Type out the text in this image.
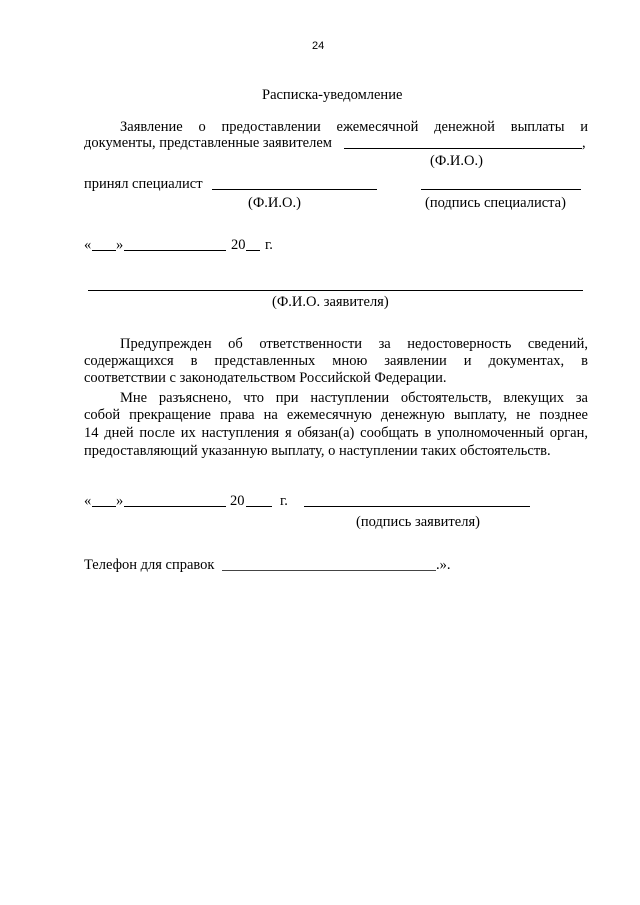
24
Расписка-уведомление
Заявление о предоставлении ежемесячной денежной выплаты и
документы, представленные заявителем	,
(Ф.И.О.)
принял специалист
(Ф.И.О.)	(подпись специалиста)
« »	20 г.
(Ф.И.О. заявителя)
Предупрежден об ответственности за недостоверность сведений,
содержащихся в представленных мною заявлении и документах, в
соответствии с законодательством Российской Федерации.
Мне разъяснено, что при наступлении обстоятельств, влекущих за
собой прекращение права на ежемесячную денежную выплату, не позднее
14 дней после их наступления я обязан(а) сообщать в уполномоченный орган,
предоставляющий указанную выплату, о наступлении таких обстоятельств.
« »	20 г.
(подпись заявителя)
Телефон для справок	.».
